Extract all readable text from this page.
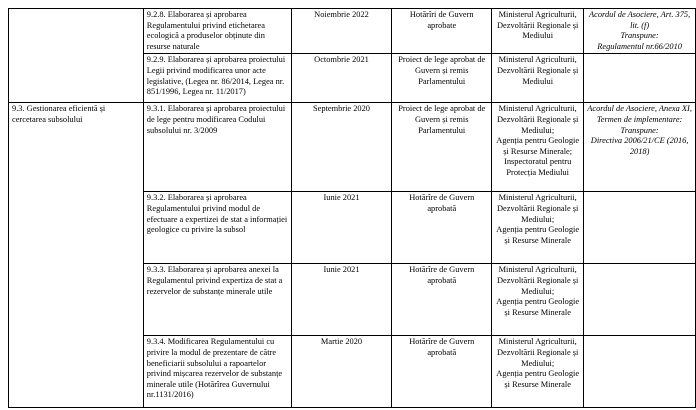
	9.2.8. Elaborarea și aprobarea Regulamentului privind etichetarea ecologică a produselor obținute din resurse naturale	Noiembrie 2022	Hotărîri de Guvern aprobate	Ministerul Agriculturii, Dezvoltării Regionale și Mediului	Acordul de Asociere, Art. 375, lit. (f)
Transpune:
Regulamentul nr.66/2010
	9.2.9. Elaborarea și aprobarea proiectului Legii privind modificarea unor acte legislative, (Legea nr. 86/2014, Legea nr. 851/1996, Legea nr. 11/2017)	Octombrie 2021	Proiect de lege aprobat de Guvern și remis Parlamentului	Ministerul Agriculturii, Dezvoltării Regionale și Mediului	
9.3. Gestionarea eficientă și cercetarea subsolului	9.3.1. Elaborarea și aprobarea proiectului de lege pentru modificarea Codului subsolului nr. 3/2009	Septembrie 2020	Proiect de lege aprobat de Guvern și remis Parlamentului	Ministerul Agriculturii, Dezvoltării Regionale și Mediului;
Agenția pentru Geologie și Resurse Minerale;
Inspectoratul pentru Protecția Mediului	Acordul de Asociere, Anexa XI,
Termen de implementare:
Transpune:
Directiva 2006/21/CE (2016, 2018)
	9.3.2. Elaborarea și aprobarea Regulamentului privind modul de efectuare a expertizei de stat a informației geologice cu privire la subsol	Iunie 2021	Hotărîre de Guvern aprobată	Ministerul Agriculturii, Dezvoltării Regionale și Mediului;
Agenția pentru Geologie și Resurse Minerale	
	9.3.3. Elaborarea și aprobarea anexei la Regulamentul privind expertiza de stat a rezervelor de substanțe minerale utile	Iunie 2021	Hotărîre de Guvern aprobată	Ministerul Agriculturii, Dezvoltării Regionale și Mediului;
Agenția pentru Geologie și Resurse Minerale	
	9.3.4. Modificarea Regulamentului cu privire la modul de prezentare de către beneficiarii subsolului a rapoartelor privind mișcarea rezervelor de substanțe minerale utile (Hotărîrea Guvernului nr.1131/2016)	Martie 2020	Hotărîre de Guvern aprobată	Ministerul Agriculturii, Dezvoltării Regionale și Mediului;
Agenția pentru Geologie și Resurse Minerale	
